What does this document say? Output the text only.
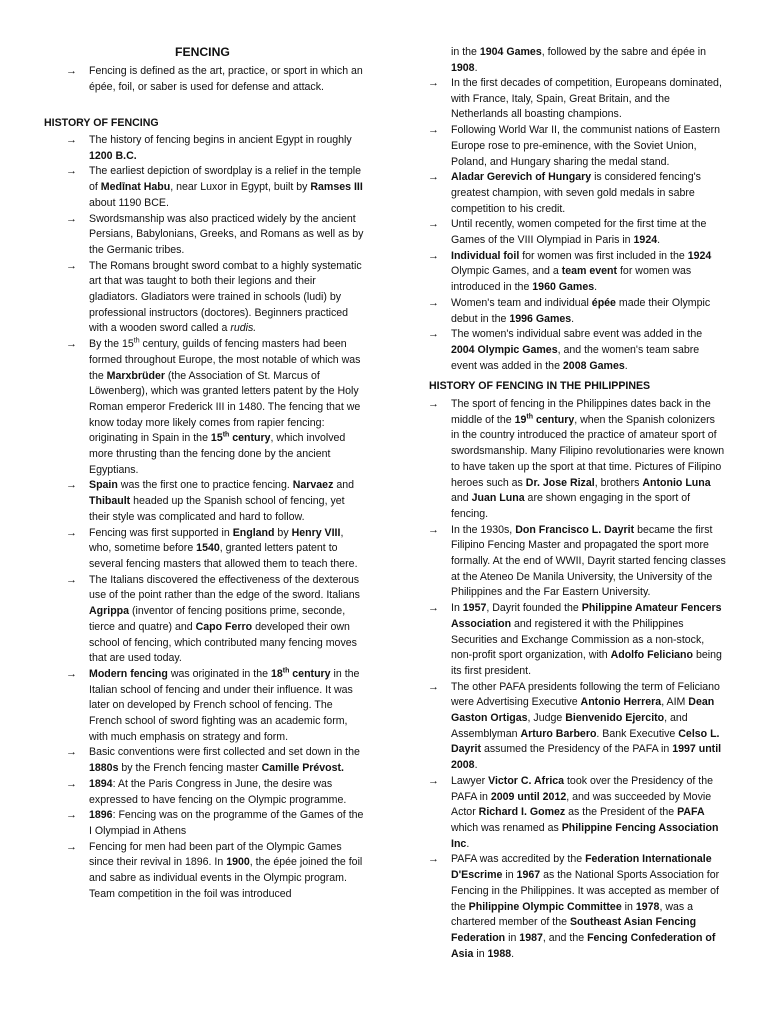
FENCING
→ Fencing is defined as the art, practice, or sport in which an épée, foil, or saber is used for defense and attack.
HISTORY OF FENCING
→ The history of fencing begins in ancient Egypt in roughly 1200 B.C.
→ The earliest depiction of swordplay is a relief in the temple of Medīnat Habu, near Luxor in Egypt, built by Ramses III about 1190 BCE.
→ Swordsmanship was also practiced widely by the ancient Persians, Babylonians, Greeks, and Romans as well as by the Germanic tribes.
→ The Romans brought sword combat to a highly systematic art that was taught to both their legions and their gladiators. Gladiators were trained in schools (ludi) by professional instructors (doctores). Beginners practiced with a wooden sword called a rudis.
→ By the 15th century, guilds of fencing masters had been formed throughout Europe, the most notable of which was the Marxbrüder (the Association of St. Marcus of Löwenberg), which was granted letters patent by the Holy Roman emperor Frederick III in 1480. The fencing that we know today more likely comes from rapier fencing: originating in Spain in the 15th century, which involved more thrusting than the fencing done by the ancient Egyptians.
→ Spain was the first one to practice fencing. Narvaez and Thibault headed up the Spanish school of fencing, yet their style was complicated and hard to follow.
→ Fencing was first supported in England by Henry VIII, who, sometime before 1540, granted letters patent to several fencing masters that allowed them to teach there.
→ The Italians discovered the effectiveness of the dexterous use of the point rather than the edge of the sword. Italians Agrippa (inventor of fencing positions prime, seconde, tierce and quatre) and Capo Ferro developed their own school of fencing, which contributed many fencing moves that are used today.
→ Modern fencing was originated in the 18th century in the Italian school of fencing and under their influence. It was later on developed by French school of fencing. The French school of sword fighting was an academic form, with much emphasis on strategy and form.
→ Basic conventions were first collected and set down in the 1880s by the French fencing master Camille Prévost.
→ 1894: At the Paris Congress in June, the desire was expressed to have fencing on the Olympic programme.
→ 1896: Fencing was on the programme of the Games of the I Olympiad in Athens
→ Fencing for men had been part of the Olympic Games since their revival in 1896. In 1900, the épée joined the foil and sabre as individual events in the Olympic program. Team competition in the foil was introduced
in the 1904 Games, followed by the sabre and épée in 1908.
→ In the first decades of competition, Europeans dominated, with France, Italy, Spain, Great Britain, and the Netherlands all boasting champions.
→ Following World War II, the communist nations of Eastern Europe rose to pre-eminence, with the Soviet Union, Poland, and Hungary sharing the medal stand.
→ Aladar Gerevich of Hungary is considered fencing's greatest champion, with seven gold medals in sabre competition to his credit.
→ Until recently, women competed for the first time at the Games of the VIII Olympiad in Paris in 1924.
→ Individual foil for women was first included in the 1924 Olympic Games, and a team event for women was introduced in the 1960 Games.
→ Women's team and individual épée made their Olympic debut in the 1996 Games.
→ The women's individual sabre event was added in the 2004 Olympic Games, and the women's team sabre event was added in the 2008 Games.
HISTORY OF FENCING IN THE PHILIPPINES
→ The sport of fencing in the Philippines dates back in the middle of the 19th century, when the Spanish colonizers in the country introduced the practice of amateur sport of swordsmanship. Many Filipino revolutionaries were known to have taken up the sport at that time. Pictures of Filipino heroes such as Dr. Jose Rizal, brothers Antonio Luna and Juan Luna are shown engaging in the sport of fencing.
→ In the 1930s, Don Francisco L. Dayrit became the first Filipino Fencing Master and propagated the sport more formally. At the end of WWII, Dayrit started fencing classes at the Ateneo De Manila University, the University of the Philippines and the Far Eastern University.
→ In 1957, Dayrit founded the Philippine Amateur Fencers Association and registered it with the Philippines Securities and Exchange Commission as a non-stock, non-profit sport organization, with Adolfo Feliciano being its first president.
→ The other PAFA presidents following the term of Feliciano were Advertising Executive Antonio Herrera, AIM Dean Gaston Ortigas, Judge Bienvenido Ejercito, and Assemblyman Arturo Barbero. Bank Executive Celso L. Dayrit assumed the Presidency of the PAFA in 1997 until 2008.
→ Lawyer Victor C. Africa took over the Presidency of the PAFA in 2009 until 2012, and was succeeded by Movie Actor Richard I. Gomez as the President of the PAFA which was renamed as Philippine Fencing Association Inc.
→ PAFA was accredited by the Federation Internationale D'Escrime in 1967 as the National Sports Association for Fencing in the Philippines. It was accepted as member of the Philippine Olympic Committee in 1978, was a chartered member of the Southeast Asian Fencing Federation in 1987, and the Fencing Confederation of Asia in 1988.
